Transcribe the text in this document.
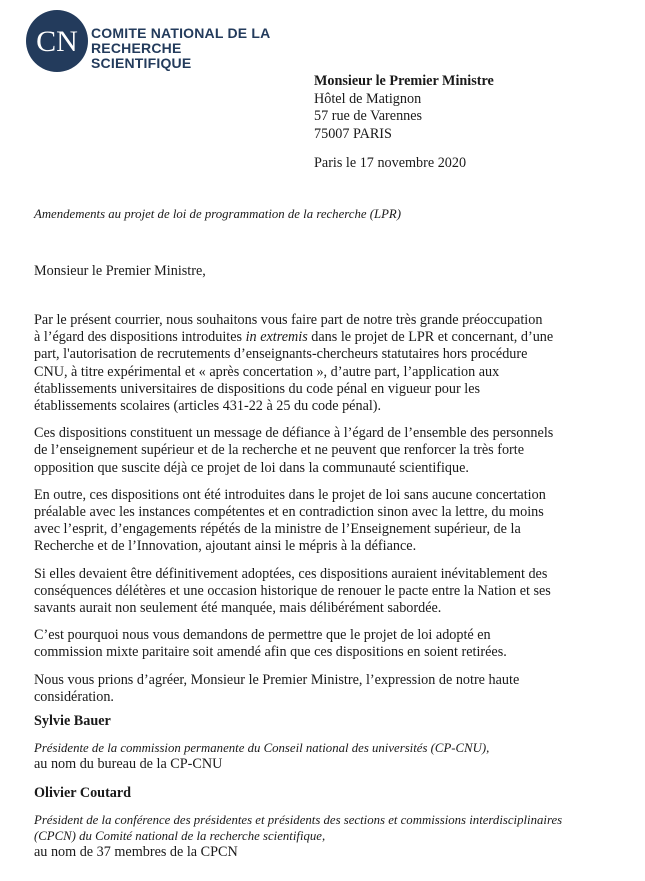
CN COMITE NATIONAL DE LA
RECHERCHE SCIENTIFIQUE
Monsieur le Premier Ministre
Hôtel de Matignon
57 rue de Varennes
75007 PARIS
Paris le 17 novembre 2020
Amendements au projet de loi de programmation de la recherche (LPR)
Monsieur le Premier Ministre,

Par le présent courrier, nous souhaitons vous faire part de notre très grande préoccupation
à l’égard des dispositions introduites in extremis dans le projet de LPR et concernant, d’une
part, l'autorisation de recrutements d’enseignants-chercheurs statutaires hors procédure
CNU, à titre expérimental et « après concertation », d’autre part, l’application aux
établissements universitaires de dispositions du code pénal en vigueur pour les
établissements scolaires (articles 431-22 à 25 du code pénal).

Ces dispositions constituent un message de défiance à l’égard de l’ensemble des personnels
de l’enseignement supérieur et de la recherche et ne peuvent que renforcer la très forte
opposition que suscite déjà ce projet de loi dans la communauté scientifique.

En outre, ces dispositions ont été introduites dans le projet de loi sans aucune concertation
préalable avec les instances compétentes et en contradiction sinon avec la lettre, du moins
avec l’esprit, d’engagements répétés de la ministre de l’Enseignement supérieur, de la
Recherche et de l’Innovation, ajoutant ainsi le mépris à la défiance.

Si elles devaient être définitivement adoptées, ces dispositions auraient inévitablement des
conséquences délétères et une occasion historique de renouer le pacte entre la Nation et ses
savants aurait non seulement été manquée, mais délibérément sabordée.

C’est pourquoi nous vous demandons de permettre que le projet de loi adopté en
commission mixte paritaire soit amendé afin que ces dispositions en soient retirées.

Nous vous prions d’agréer, Monsieur le Premier Ministre, l’expression de notre haute
considération.

Sylvie Bauer
Présidente de la commission permanente du Conseil national des universités (CP-CNU),
au nom du bureau de la CP-CNU
Olivier Coutard
Président de la conférence des présidentes et présidents des sections et commissions interdisciplinaires
(CPCN) du Comité national de la recherche scientifique,
au nom de 37 membres de la CPCN
